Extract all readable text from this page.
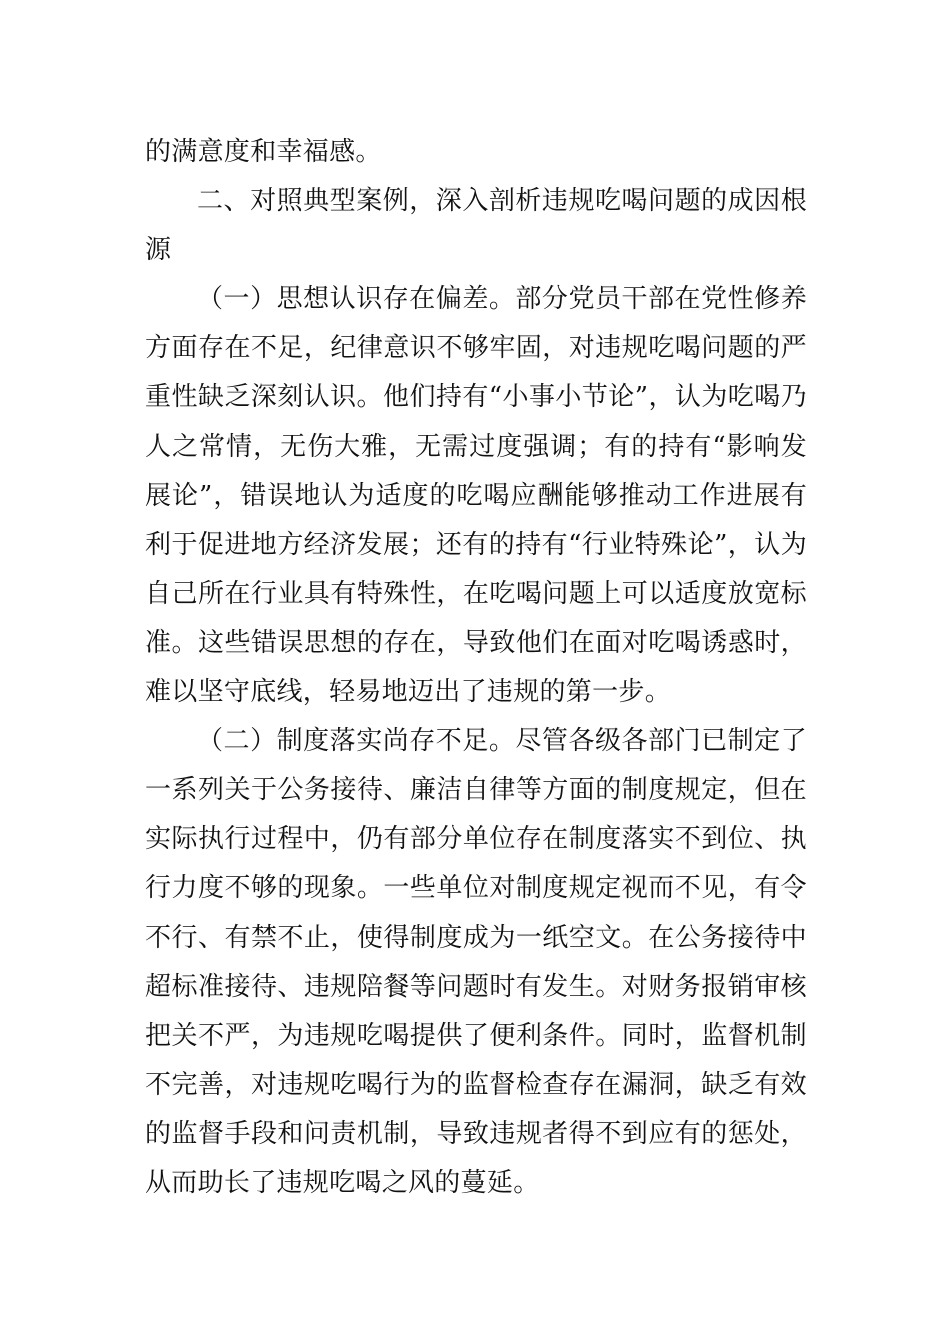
的满意度和幸福感。

二、对照典型案例，深入剖析违规吃喝问题的成因根源

（一）思想认识存在偏差。部分党员干部在党性修养方面存在不足，纪律意识不够牢固，对违规吃喝问题的严重性缺乏深刻认识。他们持有“小事小节论”，认为吃喝乃人之常情，无伤大雅，无需过度强调；有的持有“影响发展论”，错误地认为适度的吃喝应酬能够推动工作进展有利于促进地方经济发展；还有的持有“行业特殊论”，认为自己所在行业具有特殊性，在吃喝问题上可以适度放宽标准。这些错误思想的存在，导致他们在面对吃喝诱惑时，难以坚守底线，轻易地迈出了违规的第一步。

（二）制度落实尚存不足。尽管各级各部门已制定了一系列关于公务接待、廉洁自律等方面的制度规定，但在实际执行过程中，仍有部分单位存在制度落实不到位、执行力度不够的现象。一些单位对制度规定视而不见，有令不行、有禁不止，使得制度成为一纸空文。在公务接待中超标准接待、违规陪餐等问题时有发生。对财务报销审核把关不严，为违规吃喝提供了便利条件。同时，监督机制不完善，对违规吃喝行为的监督检查存在漏洞，缺乏有效的监督手段和问责机制，导致违规者得不到应有的惩处，从而助长了违规吃喝之风的蔓延。
